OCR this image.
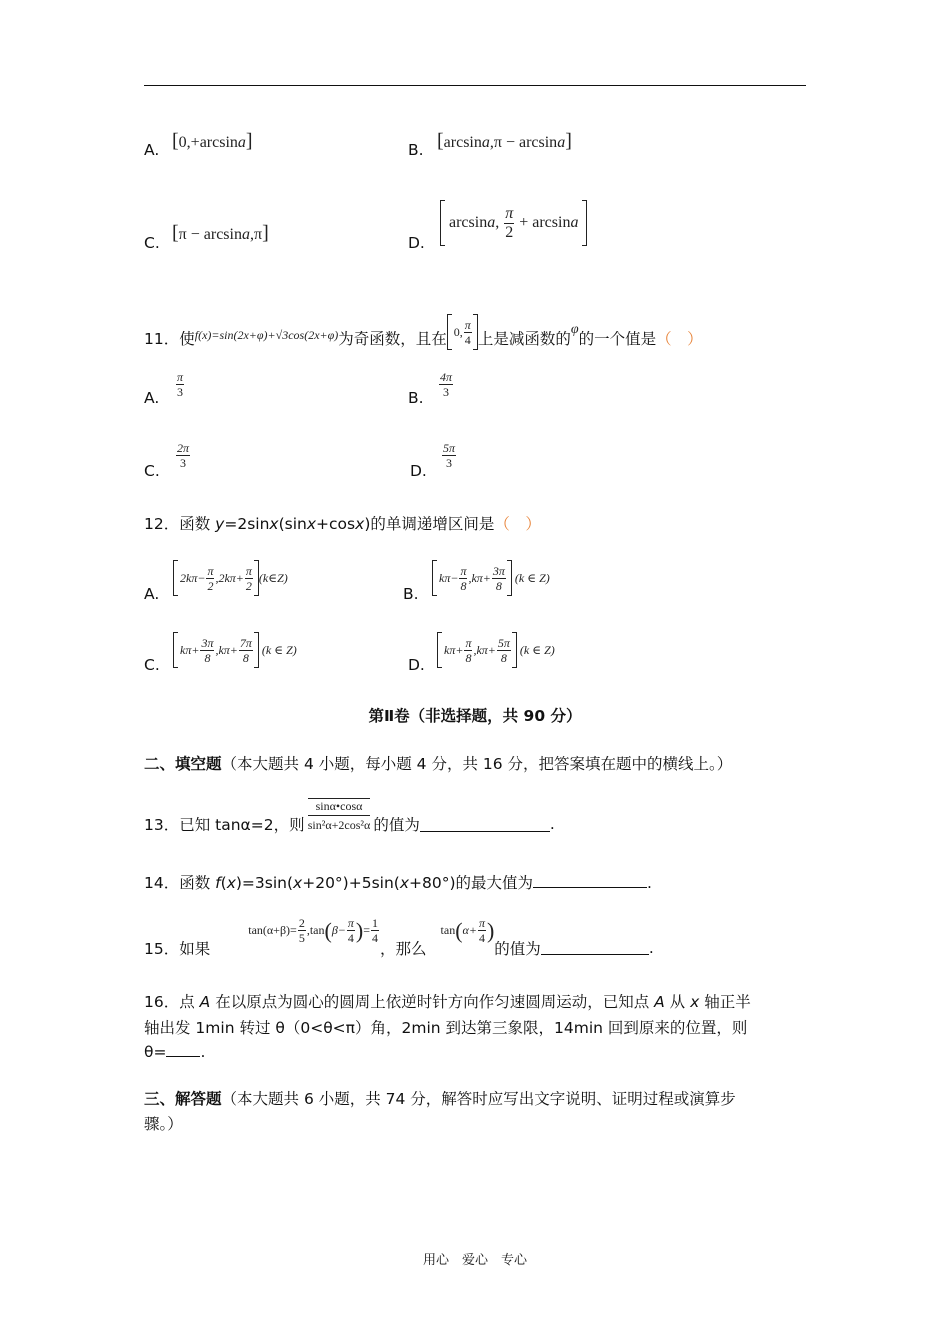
A. [0,+arcsina]	B. [arcsina,π − arcsina]
C. [π − arcsina,π]	D.
arcsina, $\frac{\pi}{2} + \arcsin a$
11．使 f(x)=sin(2x+φ)+√3cos(2x+φ) 为奇函数，且在 0, $\frac{\pi}{4}$ 上是减函数的
φ
的一个值是 （　）
A. $\frac{\pi}{3}$	B. $\frac{4\pi}{3}$
C.
$\frac{2\pi}{3}$
D.
$\frac{5\pi}{3}$
12．函数 y=2sinx(sinx+cosx)的单调递增区间是（　）
A.
$2k\pi- \frac{\pi}{2} ,2k\pi+ \frac{\pi}{2}$ (k∈Z)
B.
$k\pi- \frac{\pi}{8} ,k\pi+ \frac{3\pi}{8} (k$ ∈ Z)
C.
$k\pi+ \frac{3\pi}{8} ,k\pi+ \frac{7\pi}{8} (k$ ∈ Z)
D.
$k\pi+ \frac{\pi}{8} ,k\pi+ \frac{5\pi}{8} (k$ ∈ Z)
第Ⅱ卷（非选择题，共 90 分）
二、填空题（本大题共 4 小题，每小题 4 分，共 16 分，把答案填在题中的横线上。）
13．已知 tanα=2，则
sinα•cosα
sin²α+2cos²α 的值为	.
14．函数 f(x)=3sin(x+20°)+5sin(x+80°)的最大值为	.
15．如果
$\tan(\alpha+\beta)= \frac{2}{5} ,\tan$ ( $\beta- \frac{\pi}{4}$ ) = $\frac{1}{4}$
，那么
tan ( $\alpha+ \frac{\pi}{4}$ )
的值为	.
16．点 A 在以原点为圆心的圆周上依逆时针方向作匀速圆周运动，已知点 A 从 x 轴正半
轴出发 1min 转过 θ（0<θ<π）角，2min 到达第三象限，14min 回到原来的位置，则
θ= .
三、解答题（本大题共 6 小题，共 74 分，解答时应写出文字说明、证明过程或演算步
骤。）
用心　爱心　专心
